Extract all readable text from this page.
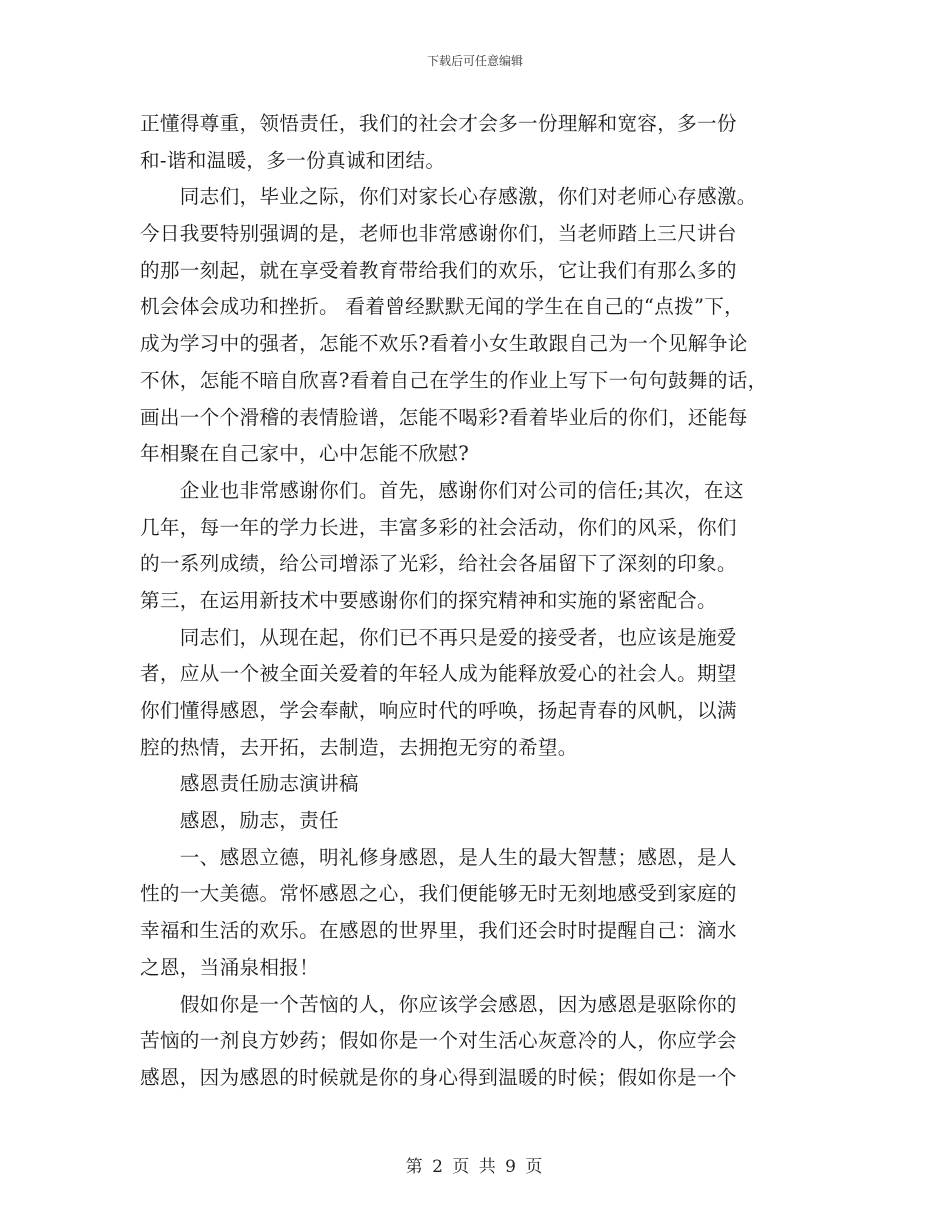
下载后可任意编辑
正懂得尊重，领悟责任，我们的社会才会多一份理解和宽容，多一份
和-谐和温暖，多一份真诚和团结。
　　同志们，毕业之际，你们对家长心存感激，你们对老师心存感激。
今日我要特别强调的是，老师也非常感谢你们，当老师踏上三尺讲台
的那一刻起，就在享受着教育带给我们的欢乐，它让我们有那么多的
机会体会成功和挫折。 看着曾经默默无闻的学生在自己的“点拨”下，
成为学习中的强者，怎能不欢乐?看着小女生敢跟自己为一个见解争论
不休，怎能不暗自欣喜?看着自己在学生的作业上写下一句句鼓舞的话，
画出一个个滑稽的表情脸谱，怎能不喝彩?看着毕业后的你们，还能每
年相聚在自己家中，心中怎能不欣慰?
　　企业也非常感谢你们。首先，感谢你们对公司的信任;其次，在这
几年，每一年的学力长进，丰富多彩的社会活动，你们的风采，你们
的一系列成绩，给公司增添了光彩，给社会各届留下了深刻的印象。
第三，在运用新技术中要感谢你们的探究精神和实施的紧密配合。
　　同志们，从现在起，你们已不再只是爱的接受者，也应该是施爱
者，应从一个被全面关爱着的年轻人成为能释放爱心的社会人。期望
你们懂得感恩，学会奉献，响应时代的呼唤，扬起青春的风帆，以满
腔的热情，去开拓，去制造，去拥抱无穷的希望。
　　感恩责任励志演讲稿
　　感恩，励志，责任
　　一、感恩立德，明礼修身感恩，是人生的最大智慧；感恩，是人
性的一大美德。常怀感恩之心，我们便能够无时无刻地感受到家庭的
幸福和生活的欢乐。在感恩的世界里，我们还会时时提醒自己：滴水
之恩，当涌泉相报！
　　假如你是一个苦恼的人，你应该学会感恩，因为感恩是驱除你的
苦恼的一剂良方妙药；假如你是一个对生活心灰意冷的人，你应学会
感恩，因为感恩的时候就是你的身心得到温暖的时候；假如你是一个
第 2 页 共 9 页
